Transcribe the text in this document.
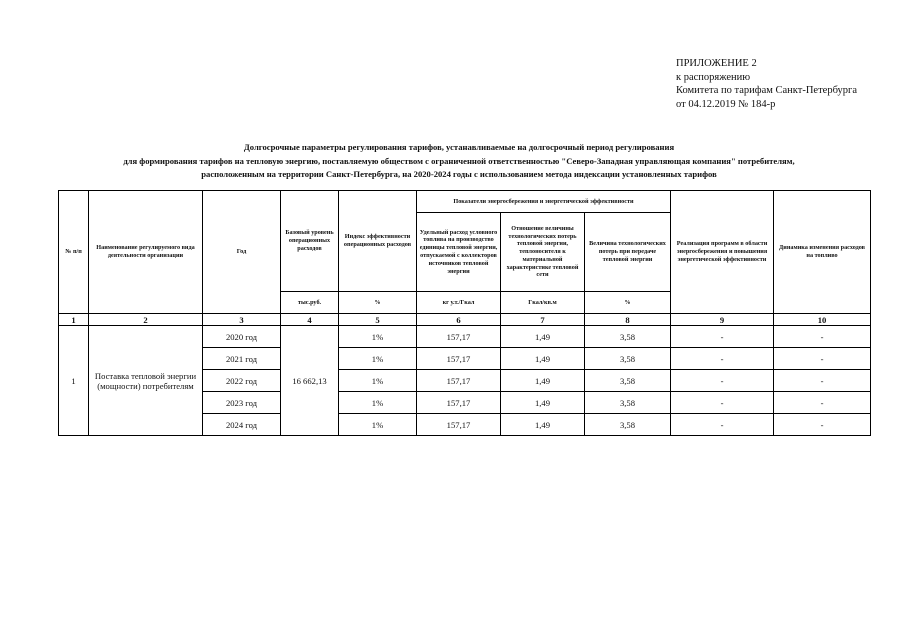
ПРИЛОЖЕНИЕ 2
к распоряжению
Комитета по тарифам Санкт-Петербурга
от 04.12.2019 № 184-р
Долгосрочные параметры регулирования тарифов, устанавливаемые на долгосрочный период регулирования
для формирования тарифов на тепловую энергию, поставляемую обществом с ограниченной ответственностью "Северо-Западная управляющая компания" потребителям,
расположенным на территории Санкт-Петербурга, на 2020-2024 годы с использованием метода индексации установленных тарифов
№ п/п	Наименование регулируемого вида деятельности организации	Год	Базовый уровень операционных расходов	Индекс эффективности операционных расходов	Показатели энергосбережения и энергетической эффективности			Реализация программ в области энергосбережения и повышения энергетической эффективности	Динамика изменения расходов на топливо
					Удельный расход условного топлива на производство единицы тепловой энергии, отпускаемой с коллекторов источников тепловой энергии	Отношение величины технологических потерь тепловой энергии, теплоносителя к материальной характеристике тепловой сети	Величина технологических потерь при передаче тепловой энергии		
			тыс.руб.	%	кг у.т./Гкал	Гкал/кв.м	%		
1	2	3	4	5	6	7	8	9	10
1	Поставка тепловой энергии (мощности) потребителям	2020 год	16 662,13	1%	157,17	1,49	3,58	-	-
		2021 год		1%	157,17	1,49	3,58	-	-
		2022 год		1%	157,17	1,49	3,58	-	-
		2023 год		1%	157,17	1,49	3,58	-	-
		2024 год		1%	157,17	1,49	3,58	-	-
